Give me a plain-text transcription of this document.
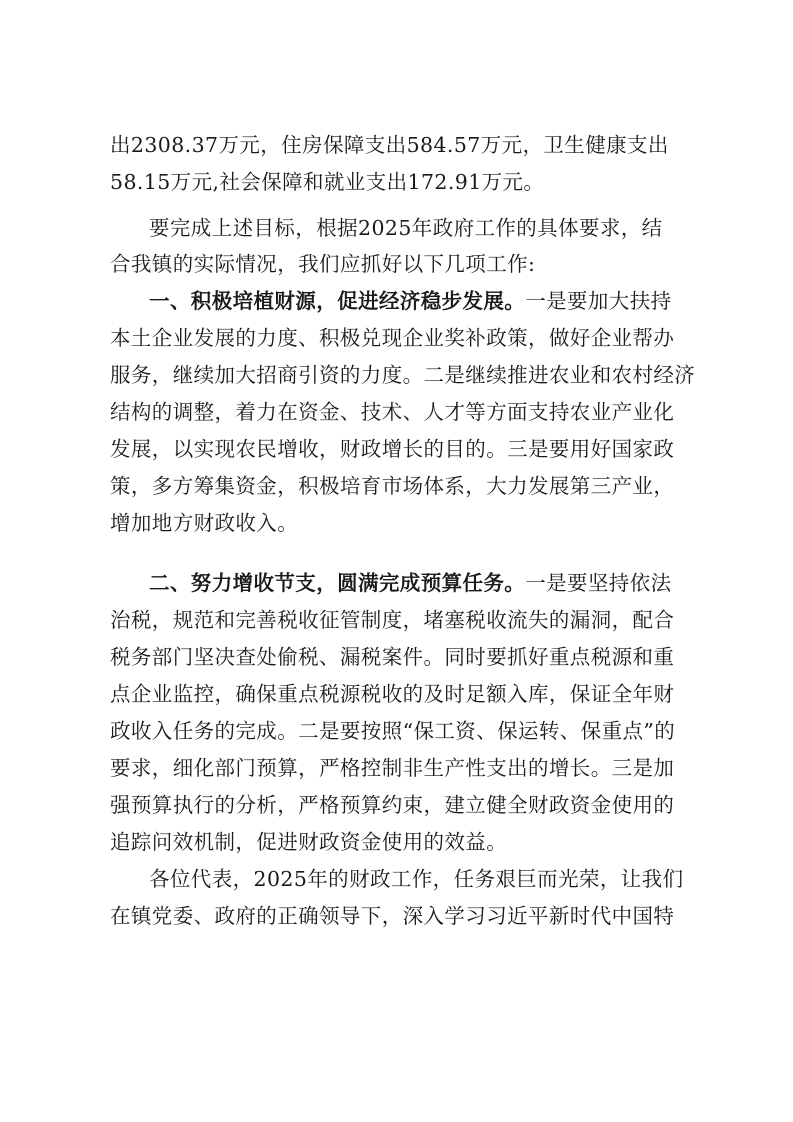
出2308.37万元，住房保障支出584.57万元，卫生健康支出
58.15万元,社会保障和就业支出172.91万元。
要完成上述目标，根据2025年政府工作的具体要求，结
合我镇的实际情况，我们应抓好以下几项工作:
一、积极培植财源，促进经济稳步发展。一是要加大扶持
本土企业发展的力度、积极兑现企业奖补政策，做好企业帮办
服务，继续加大招商引资的力度。二是继续推进农业和农村经济
结构的调整，着力在资金、技术、人才等方面支持农业产业化
发展，以实现农民增收，财政增长的目的。三是要用好国家政
策，多方筹集资金，积极培育市场体系，大力发展第三产业，
增加地方财政收入。
二、努力增收节支，圆满完成预算任务。一是要坚持依法
治税，规范和完善税收征管制度，堵塞税收流失的漏洞，配合
税务部门坚决查处偷税、漏税案件。同时要抓好重点税源和重
点企业监控，确保重点税源税收的及时足额入库，保证全年财
政收入任务的完成。二是要按照“保工资、保运转、保重点”的
要求，细化部门预算，严格控制非生产性支出的增长。三是加
强预算执行的分析，严格预算约束，建立健全财政资金使用的
追踪问效机制，促进财政资金使用的效益。
各位代表，2025年的财政工作，任务艰巨而光荣，让我们
在镇党委、政府的正确领导下，深入学习习近平新时代中国特
